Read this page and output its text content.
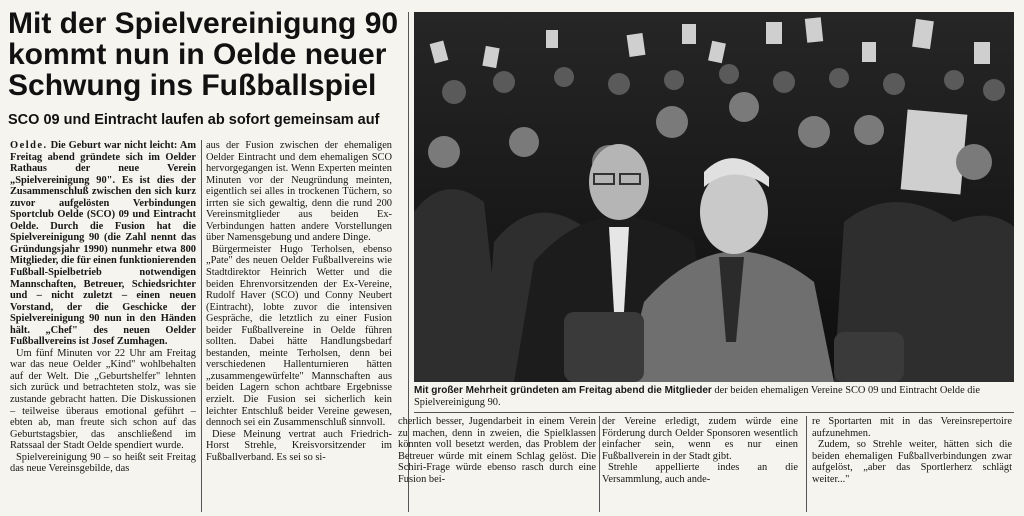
Mit der Spielvereinigung 90 kommt nun in Oelde neuer Schwung ins Fußballspiel
SCO 09 und Eintracht laufen ab sofort gemeinsam auf

Oelde. Die Geburt war nicht leicht: Am Freitag abend gründete sich im Oelder Rathaus der neue Verein „Spielvereinigung 90". Es ist dies der Zusammenschluß zwischen den sich kurz zuvor aufgelösten Verbindungen Sportclub Oelde (SCO) 09 und Eintracht Oelde. Durch die Fusion hat die Spielvereinigung 90 (die Zahl nennt das Gründungsjahr 1990) nunmehr etwa 800 Mitglieder, die für einen funktionierenden Fußball-Spielbetrieb notwendigen Mannschaften, Betreuer, Schiedsrichter und – nicht zuletzt – einen neuen Vorstand, der die Geschicke der Spielvereinigung 90 nun in den Händen hält. „Chef" des neuen Oelder Fußballvereins ist Josef Zumhagen.

Um fünf Minuten vor 22 Uhr am Freitag war das neue Oelder „Kind" wohlbehalten auf der Welt. Die „Geburtshelfer" lehnten sich zurück und betrachteten stolz, was sie zustande gebracht hatten. Die Diskussionen – teilweise überaus emotional geführt – ebten ab, man freute sich schon auf das Geburtstagsbier, das anschließend im Ratssaal der Stadt Oelde spendiert wurde.

Spielvereinigung 90 – so heißt seit Freitag das neue Vereinsgebilde, das

aus der Fusion zwischen der ehemaligen Oelder Eintracht und dem ehemaligen SCO hervorgegangen ist. Wenn Experten meinten Minuten vor der Neugründung meinten, eigentlich sei alles in trockenen Tüchern, so irrten sie sich gewaltig, denn die rund 200 Vereinsmitglieder aus beiden Ex-Verbindungen hatten andere Vorstellungen über Namensgebung und andere Dinge.

Bürgermeister Hugo Terholsen, ebenso „Pate" des neuen Oelder Fußballvereins wie Stadtdirektor Heinrich Wetter und die beiden Ehrenvorsitzenden der Ex-Vereine, Rudolf Haver (SCO) und Conny Neubert (Eintracht), lobte zuvor die intensiven Gespräche, die letztlich zu einer Fusion beider Fußballvereine in Oelde führen sollten. Dabei hätte Handlungsbedarf bestanden, meinte Terholsen, denn bei verschiedenen Hallenturnieren hätten „zusammengewürfelte" Mannschaften aus beiden Lagern schon achtbare Ergebnisse erzielt. Die Fusion sei sicherlich kein leichter Entschluß beider Vereine gewesen, dennoch sei ein Zusammenschluß sinnvoll.

Diese Meinung vertrat auch Friedrich-Horst Strehle, Kreisvorsitzender im Fußballverband. Es sei so si-

Mit großer Mehrheit gründeten am Freitag abend die Mitglieder der beiden ehemaligen Vereine SCO 09 und Eintracht Oelde die Spielvereinigung 90.

cherlich besser, Jugendarbeit in einem Verein zu machen, denn in zweien, die Spielklassen könnten voll besetzt werden, das Problem der Betreuer würde mit einem Schlag gelöst. Die Schiri-Frage würde ebenso rasch durch eine Fusion bei-

der Vereine erledigt, zudem würde eine Förderung durch Oelder Sponsoren wesentlich einfacher sein, wenn es nur einen Fußballverein in der Stadt gibt.

Strehle appellierte indes an die Versammlung, auch ande-

re Sportarten mit in das Vereinsrepertoire aufzunehmen.

Zudem, so Strehle weiter, hätten sich die beiden ehemaligen Fußballverbindungen zwar aufgelöst, „aber das Sportlerherz schlägt weiter..."
